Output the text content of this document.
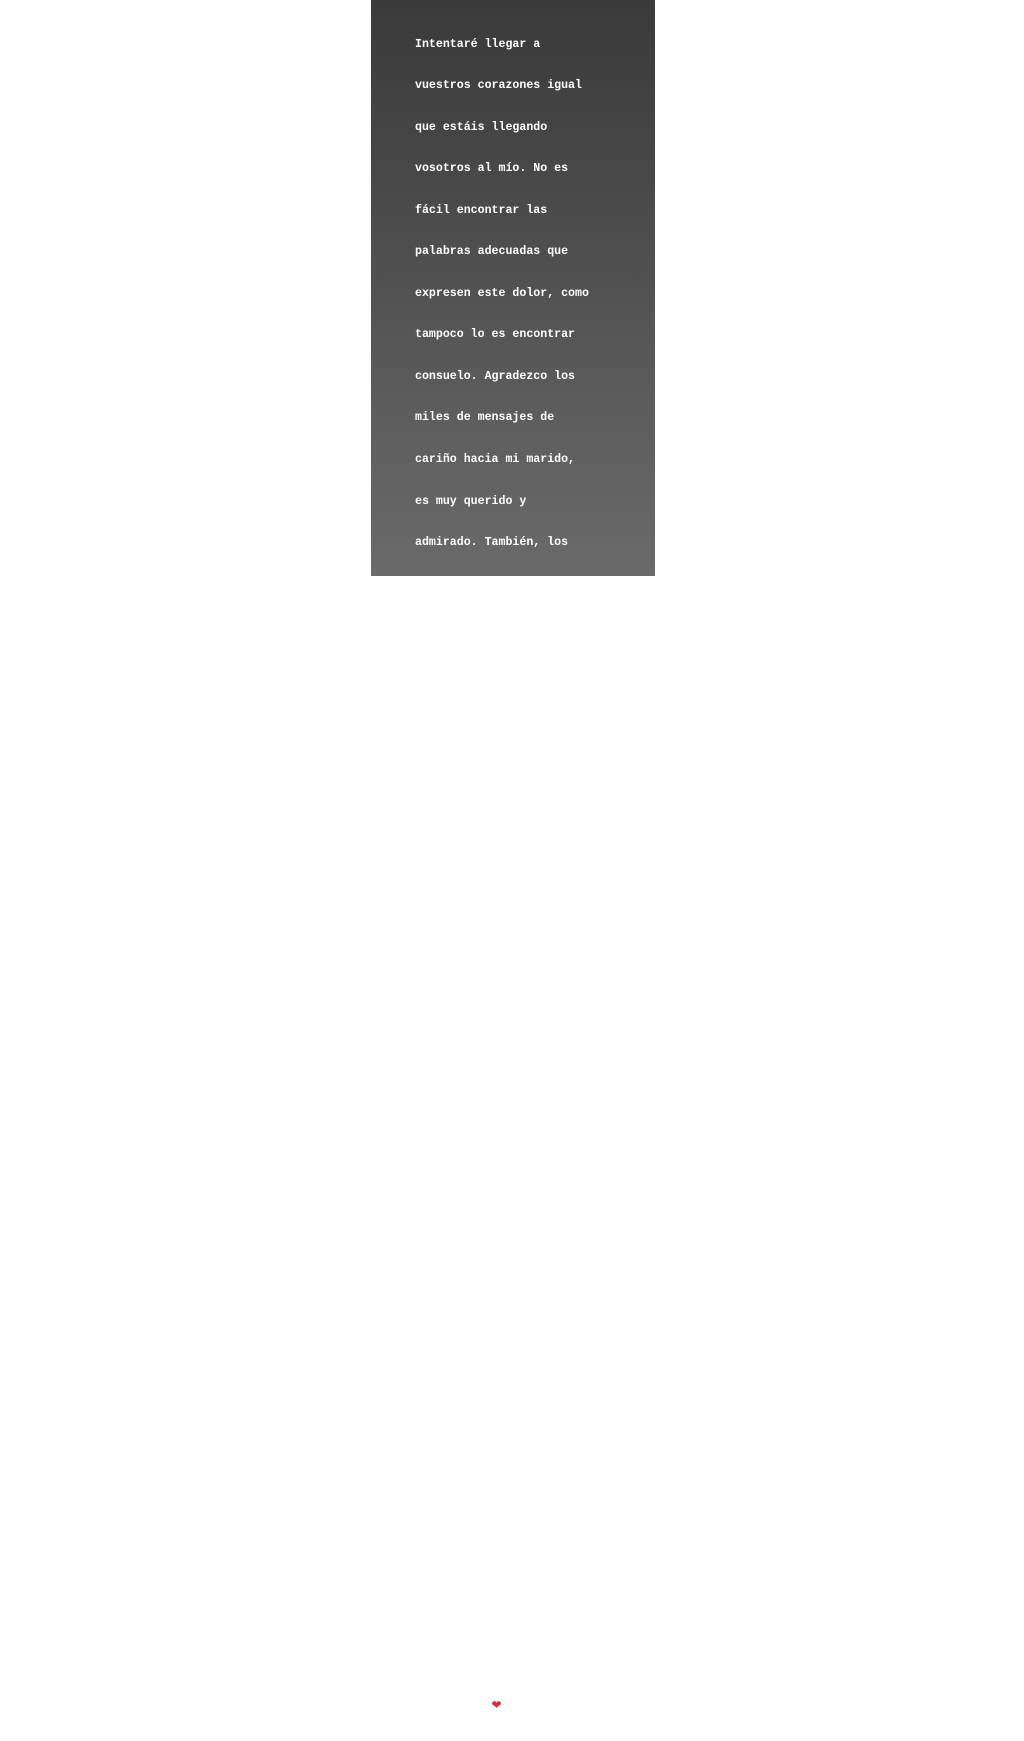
Intentaré llegar a

vuestros corazones igual

que estáis llegando

vosotros al mío. No es

fácil encontrar las

palabras adecuadas que

expresen este dolor, como

tampoco lo es encontrar

consuelo. Agradezco los

miles de mensajes de

cariño hacia mi marido,

es muy querido y

admirado. También, los

mensajes de compasión que

estamos recibiendo mis

hijas y yo. En los

momentos de reflexión

intento leerlos uno a

uno. Hay esposas en mi

situación, hijas pequeñas

sin su padre, hermanas

que perdieron a sus

hermanos... Es de admirar

esta masiva respuesta

para hacernos saber que

le queréis y que no

estamos solas. Habéis

hecho de esta desgracia

un recuerdo imborrable y

lleno de amor hacia mi

marido, padre de mis

hijas. Algún día ellas

verán esto y tomarán

conciencia de lo grande

que era su padre, no solo

por su talento, también

por su carisma y

simpatía. A todos,

familiares, amigos,

conocidos y desconocidos:

GRACIAS de ❤
